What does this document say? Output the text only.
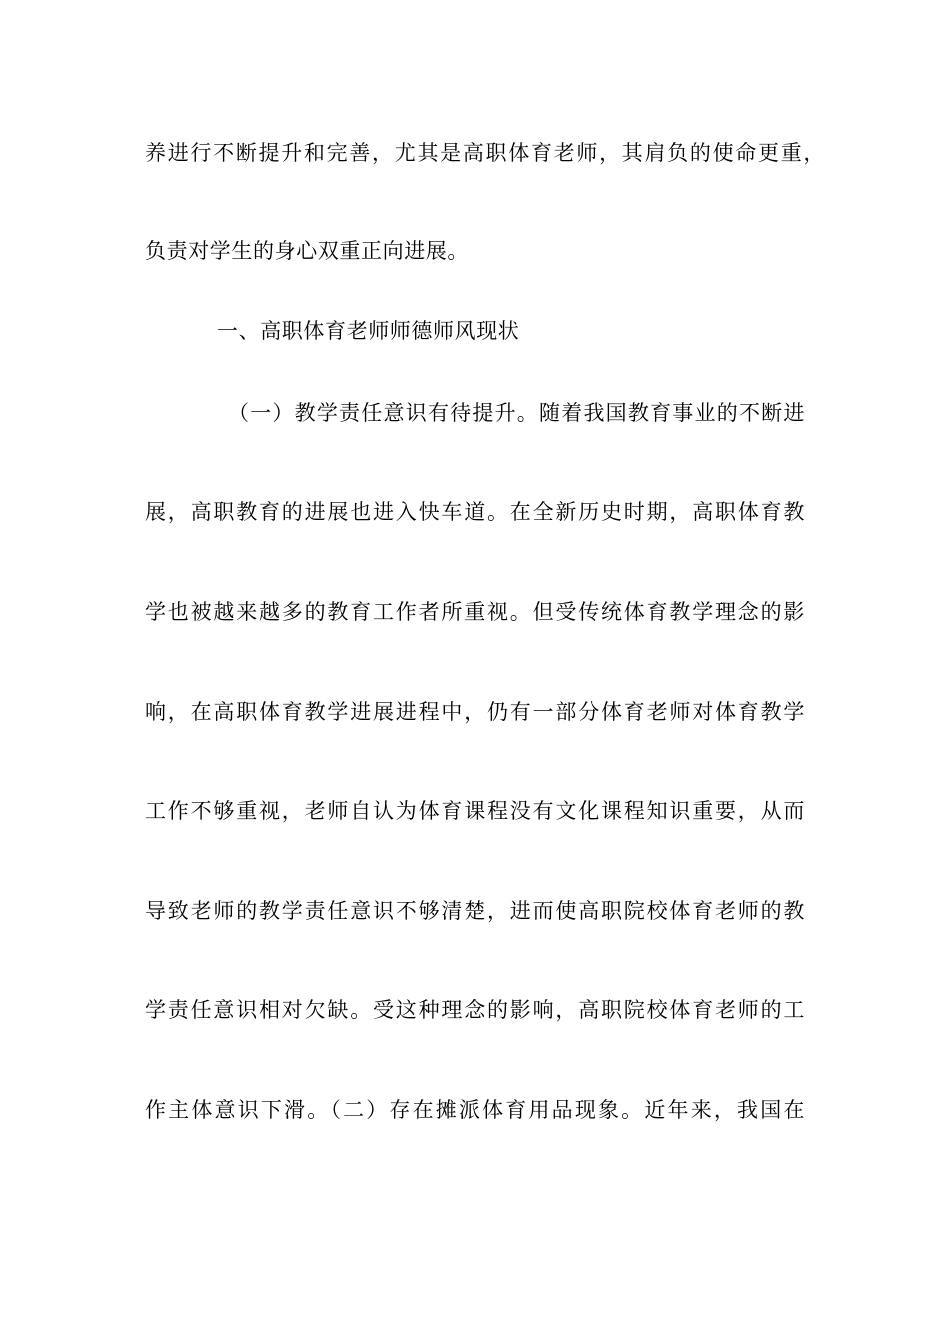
养进行不断提升和完善，尤其是高职体育老师，其肩负的使命更重，
负责对学生的身心双重正向进展。
一、高职体育老师师德师风现状
（一）教学责任意识有待提升。随着我国教育事业的不断进
展，高职教育的进展也进入快车道。在全新历史时期，高职体育教
学也被越来越多的教育工作者所重视。但受传统体育教学理念的影
响，在高职体育教学进展进程中，仍有一部分体育老师对体育教学
工作不够重视，老师自认为体育课程没有文化课程知识重要，从而
导致老师的教学责任意识不够清楚，进而使高职院校体育老师的教
学责任意识相对欠缺。受这种理念的影响，高职院校体育老师的工
作主体意识下滑。（二）存在摊派体育用品现象。近年来，我国在
